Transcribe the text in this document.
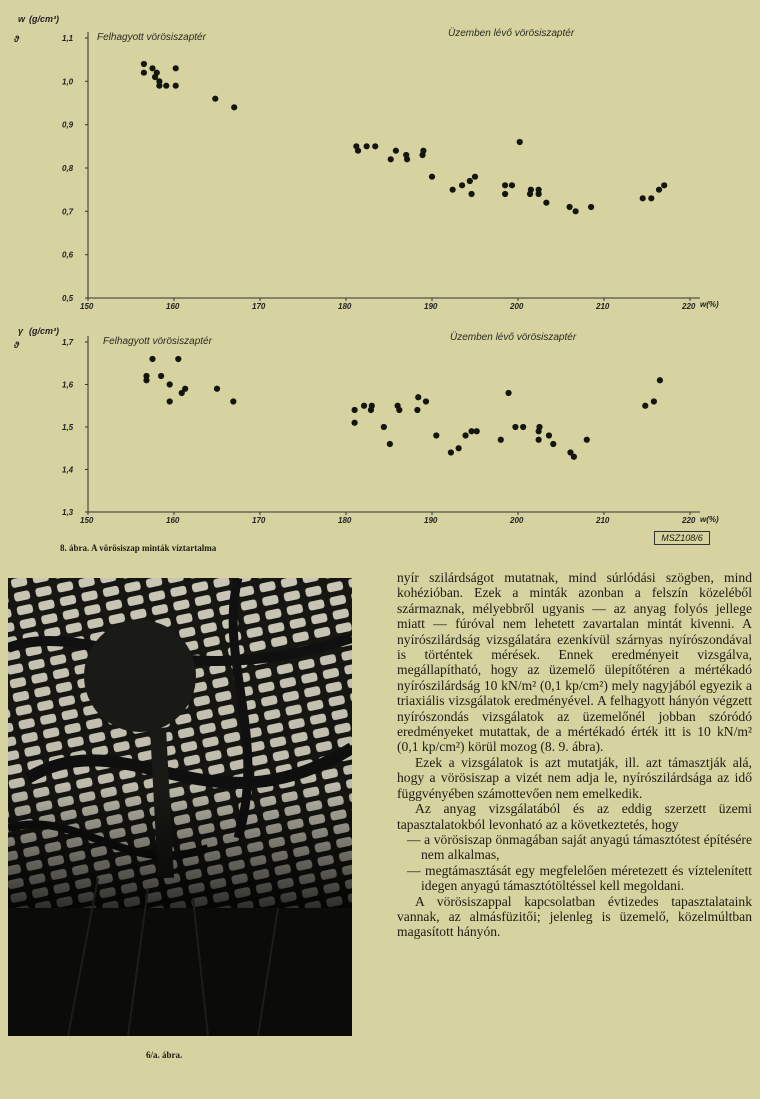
w (g/cm³)
ϑ	Felhagyott vörösiszaptér	Üzemben lévő vörösiszaptér
w(%)
150	160	170	180	190	200	210	220
0,5
0,6
0,7
0,8
0,9
1,0
1,1
γ (g/cm³)
ϑ	Felhagyott vörösiszaptér	Üzemben lévő vörösiszaptér
w(%)
150	160	170	180	190	200	210	220
1,3
1,4
1,5
1,6
1,7
MSZ108/6
8. ábra. A vörösiszap minták víztartalma
6/a. ábra.

nyír szilárdságot mutatnak, mind súrlódási szögben, mind kohézióban. Ezek a minták azonban a felszín közeléből származnak, mélyebbről ugyanis — az anyag folyós jellege miatt — fúróval nem lehetett zavartalan mintát kivenni. A nyírószilárdság vizsgálatára ezenkívül szárnyas nyírószondával is történtek mérések. Ennek eredményeit vizsgálva, megállapítható, hogy az üzemelő ülepítőtéren a mértékadó nyírószilárdság 10 kN/m² (0,1 kp/cm²) mely nagyjából egyezik a triaxiális vizsgálatok eredményével. A felhagyott hányón végzett nyírószondás vizsgálatok az üzemelőnél jobban szóródó eredményeket mutattak, de a mértékadó érték itt is 10 kN/m² (0,1 kp/cm²) körül mozog (8. 9. ábra).

Ezek a vizsgálatok is azt mutatják, ill. azt támasztják alá, hogy a vörösiszap a vizét nem adja le, nyírószilárdsága az idő függvényében számottevően nem emelkedik.

Az anyag vizsgálatából és az eddig szerzett üzemi tapasztalatokból levonható az a következtetés, hogy

— a vörösiszap önmagában saját anyagú támasztótest építésére nem alkalmas,

— megtámasztását egy megfelelően méretezett és víztelenített idegen anyagú támasztótöltéssel kell megoldani.

A vörösiszappal kapcsolatban évtizedes tapasztalataink vannak, az almásfüzitői; jelenleg is üzemelő, közelmúltban magasított hányón.
